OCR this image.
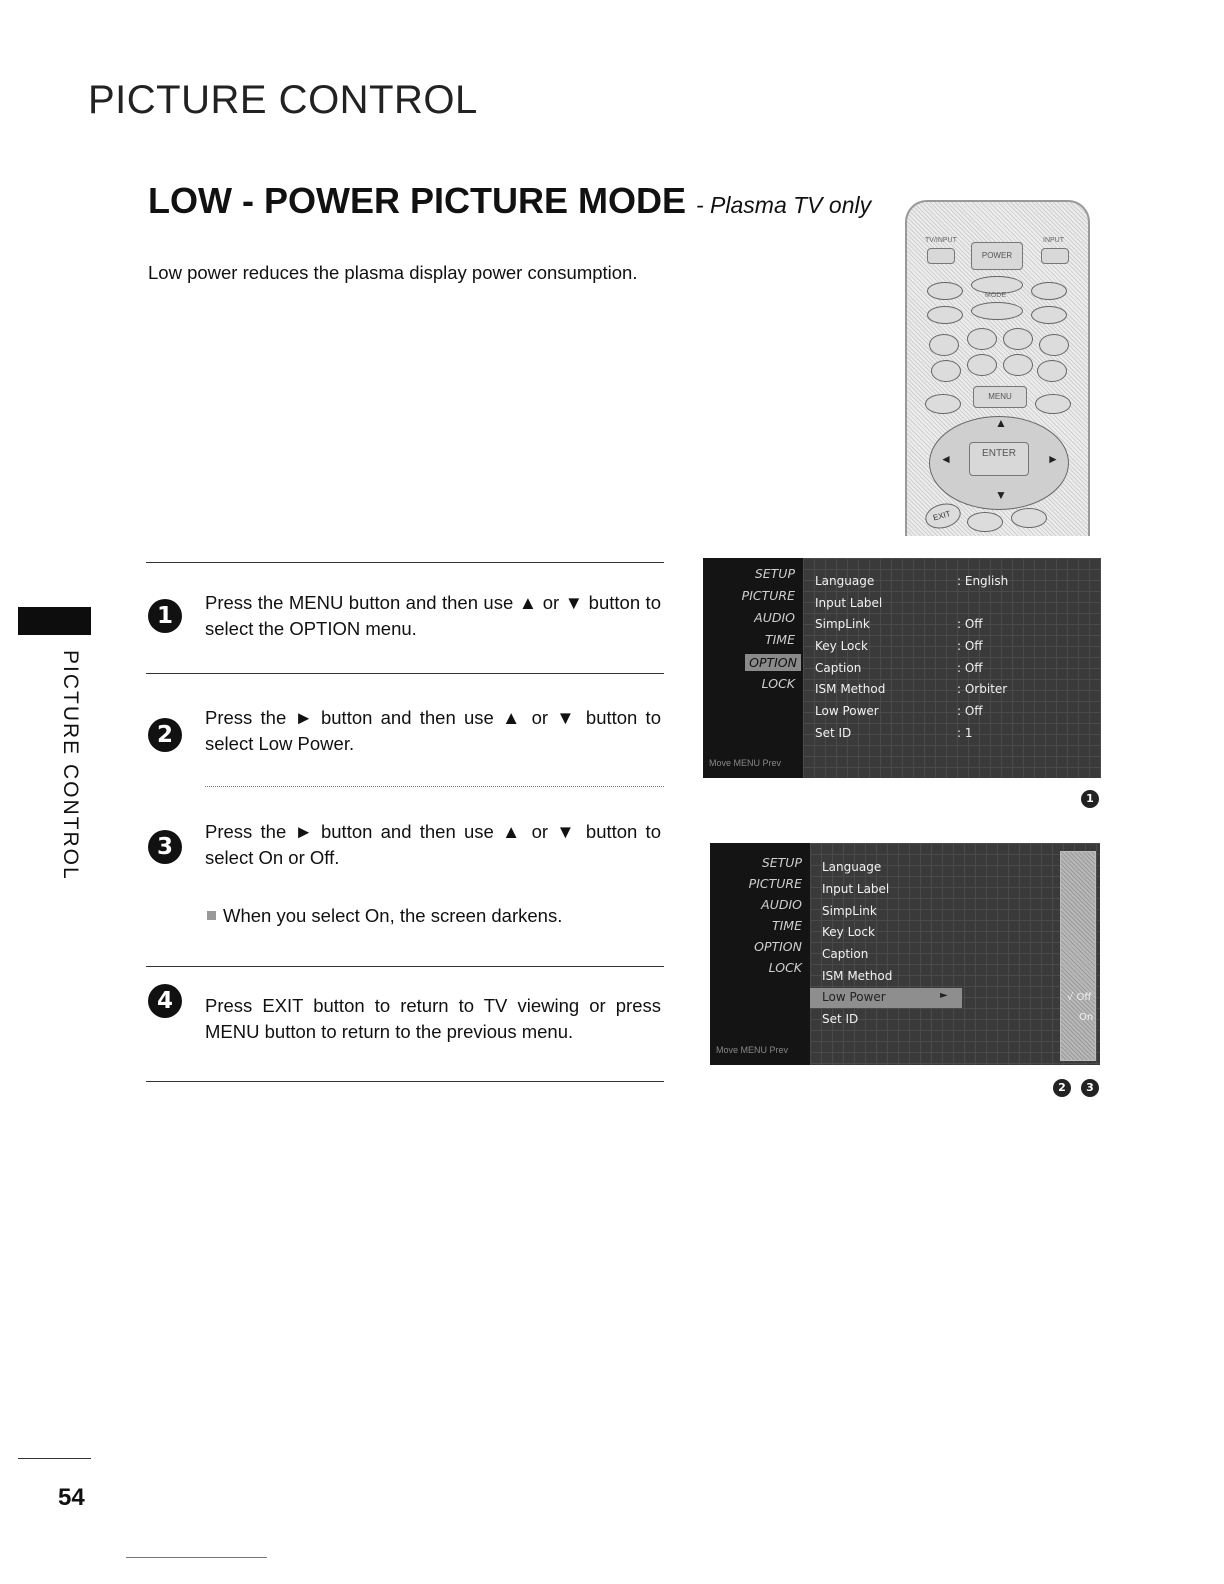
PICTURE CONTROL
LOW - POWER PICTURE MODE - Plasma TV only
Low power reduces the plasma display power consumption.
PICTURE CONTROL
1
Press the MENU button and then use ▲ or ▼ button to select the OPTION menu.
2
Press the ► button and then use ▲ or ▼ button to select Low Power.
3
Press the ► button and then use ▲ or ▼ button to select On or Off.
When you select On, the screen darkens.
4	Press EXIT button to return to TV viewing or press MENU button to return to the previous menu.
TV/INPUT	INPUT
POWER
MODE
MENU
▲
◄	►
▼
ENTER
EXIT
SETUP
PICTURE
AUDIO
TIME
OPTION
LOCK
Move MENU Prev
Language	: English
Input Label
SimpLink	: Off
Key Lock	: Off
Caption	: Off
ISM Method	: Orbiter
Low Power	: Off
Set ID	: 1
1
SETUP
PICTURE
AUDIO
TIME
OPTION
LOCK
Move MENU Prev
Language
Input Label
SimpLink
Key Lock
Caption
ISM Method
Low Power	►
Set ID
√ Off
On
2	3
54
